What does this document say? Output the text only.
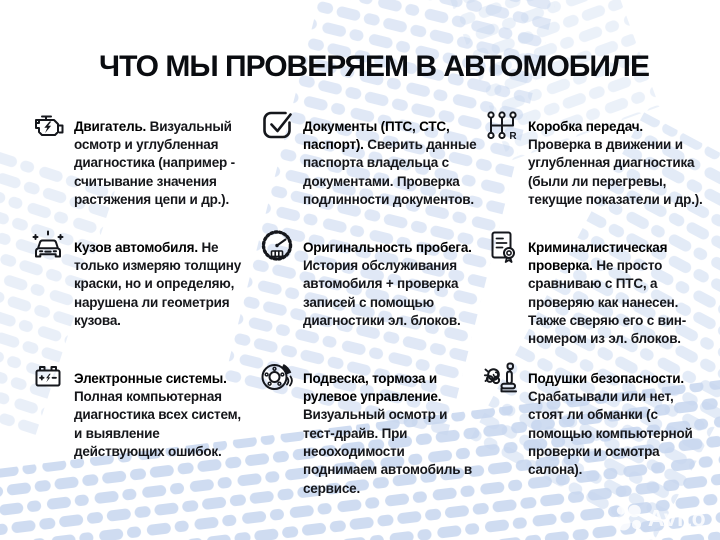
ЧТО МЫ ПРОВЕРЯЕМ В АВТОМОБИЛЕ

Двигатель. Визуальный осмотр и углубленная диагностика (например - считывание значения растяжения цепи и др.).

Документы (ПТС, СТС, паспорт). Сверить данные паспорта владельца с документами. Проверка подлинности документов.

R

Коробка передач. Проверка в движении и углубленная диагностика (были ли перегревы, текущие показатели и др.).

Кузов автомобиля. Не только измеряю толщину краски, но и определяю, нарушена ли геометрия кузова.

Оригинальность пробега. История обслуживания автомобиля + проверка записей с помощью диагностики эл. блоков.

Криминалистическая проверка. Не просто сравниваю с ПТС, а проверяю как нанесен. Также сверяю его с вин-номером из эл. блоков.

Электронные системы. Полная компьютерная диагностика всех систем, и выявление действующих ошибок.

Подвеска, тормоза и рулевое управление. Визуальный осмотр и тест-драйв. При неооходимости поднимаем автомобиль в сервисе.

Подушки безопасности. Срабатывали или нет, стоят ли обманки (с помощью компьютерной проверки и осмотра салона).

Avito
